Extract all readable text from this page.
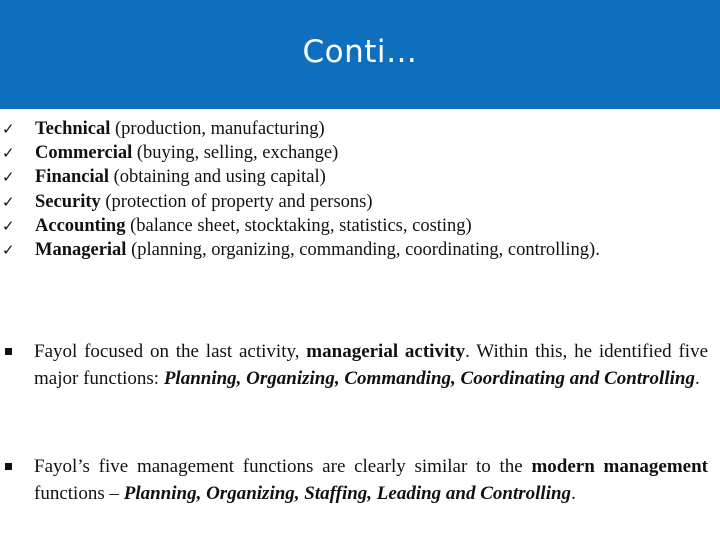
Conti…
✓	Technical (production, manufacturing)
✓	Commercial (buying, selling, exchange)
✓	Financial (obtaining and using capital)
✓	Security (protection of property and persons)
✓	Accounting (balance sheet, stocktaking, statistics, costing)
✓	Managerial (planning, organizing, commanding, coordinating, controlling).
Fayol focused on the last activity, managerial activity. Within this, he identified five major functions: Planning, Organizing, Commanding, Coordinating and Controlling.
Fayol’s five management functions are clearly similar to the modern management functions – Planning, Organizing, Staffing, Leading and Controlling.
